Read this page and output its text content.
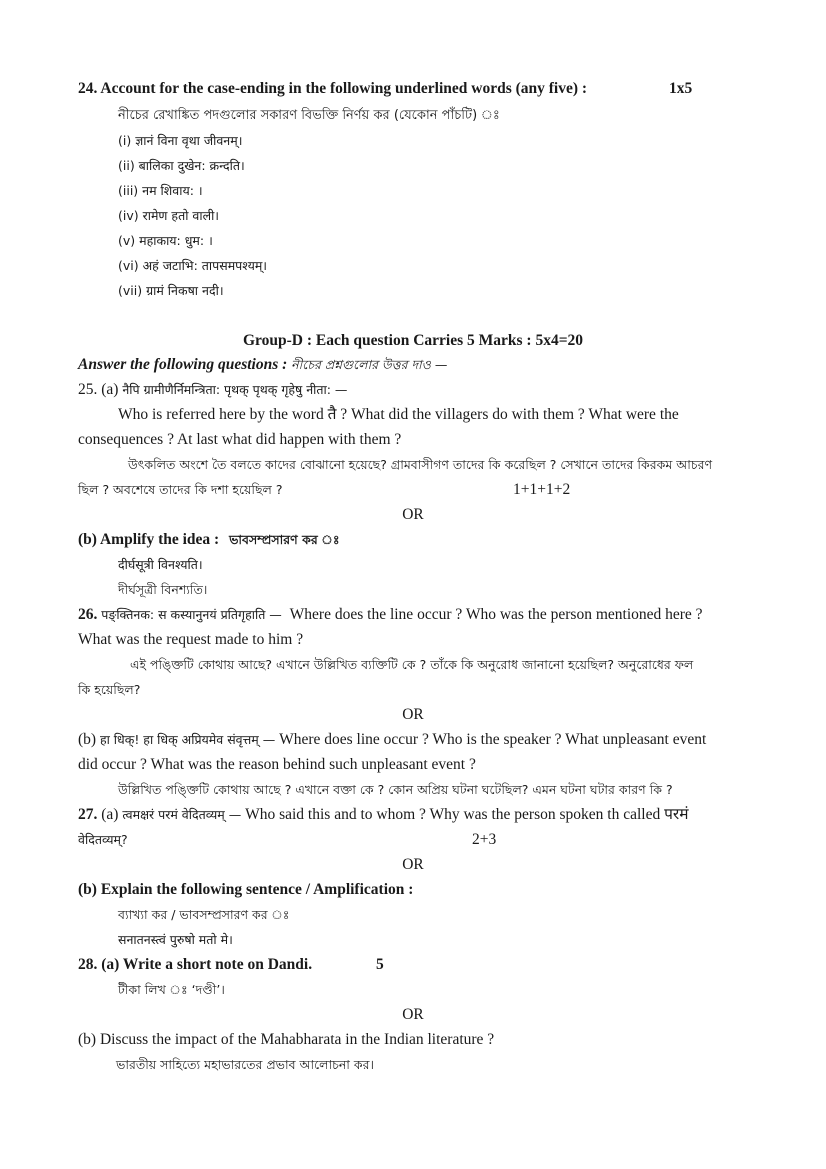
24. Account for the case-ending in the following underlined words (any five) :	1x5
নীচের রেখাঙ্কিত পদগুলোর সকারণ বিভক্তি নির্ণয় কর (যেকোন পাঁচটি) ঃ
(i) ज्ञानं विना वृथा जीवनम्।
(ii) बालिका दुखेन: क्रन्दति।
(iii) नम शिवाय: ।
(iv) रामेण हतो वाली।
(v) महाकाय: धुम: ।
(vi) अहं जटाभि: तापसमपश्यम्।
(vii) ग्रामं निकषा नदी।
Group-D : Each question Carries 5 Marks : 5x4=20
Answer the following questions : নীচের প্রশ্নগুলোর উত্তর দাও —
25. (a) नैपि ग्रामीणैर्निमन्त्रिता: पृथक् पृथक् गृहेषु नीता: —
Who is referred here by the word तै ? What did the villagers do with them ? What were the
consequences ? At last what did happen with them ?
উৎকলিত অংশে তৈ বলতে কাদের বোঝানো হয়েছে? গ্রামবাসীগণ তাদের কি করেছিল ? সেখানে তাদের কিরকম আচরণ
ছিল ? অবশেষে তাদের কি দশা হয়েছিল ?	1+1+1+2
OR
(b) Amplify the idea : ভাবসম্প্রসারণ কর ঃ
दीर्घसूत्री विनश्यति।
দীর্ঘসূত্রী বিনশ্যতি।
26. पङ्क्तिनक: स कस्यानुनयं प्रतिगृहाति — Where does the line occur ? Who was the person mentioned here ?
What was the request made to him ?
এই পঙ্ক্তিটি কোথায় আছে? এখানে উল্লিখিত ব্যক্তিটি কে ? তাঁকে কি অনুরোধ জানানো হয়েছিল? অনুরোধের ফল
কি হয়েছিল?
OR
(b) हा धिक्! हा धिक् अप्रियमेव संवृत्तम् — Where does line occur ? Who is the speaker ? What unpleasant event
did occur ? What was the reason behind such unpleasant event ?
উল্লিখিত পঙ্ক্তিটি কোথায় আছে ? এখানে বক্তা কে ? কোন অপ্রিয় ঘটনা ঘটেছিল? এমন ঘটনা ঘটার কারণ কি ?
27. (a) त्वमक्षरं परमं वेदितव्यम् — Who said this and to whom ? Why was the person spoken th called परमं
वेदितव्यम्?	2+3
OR
(b) Explain the following sentence / Amplification :
ব্যাখ্যা কর / ভাবসম্প্রসারণ কর ঃ
सनातनस्त्वं पुरुषो मतो मे।
28. (a) Write a short note on Dandi.	5
টীকা লিখ ঃ ‘দণ্ডী’।
OR
(b) Discuss the impact of the Mahabharata in the Indian literature ?
ভারতীয় সাহিত্যে মহাভারতের প্রভাব আলোচনা কর।
